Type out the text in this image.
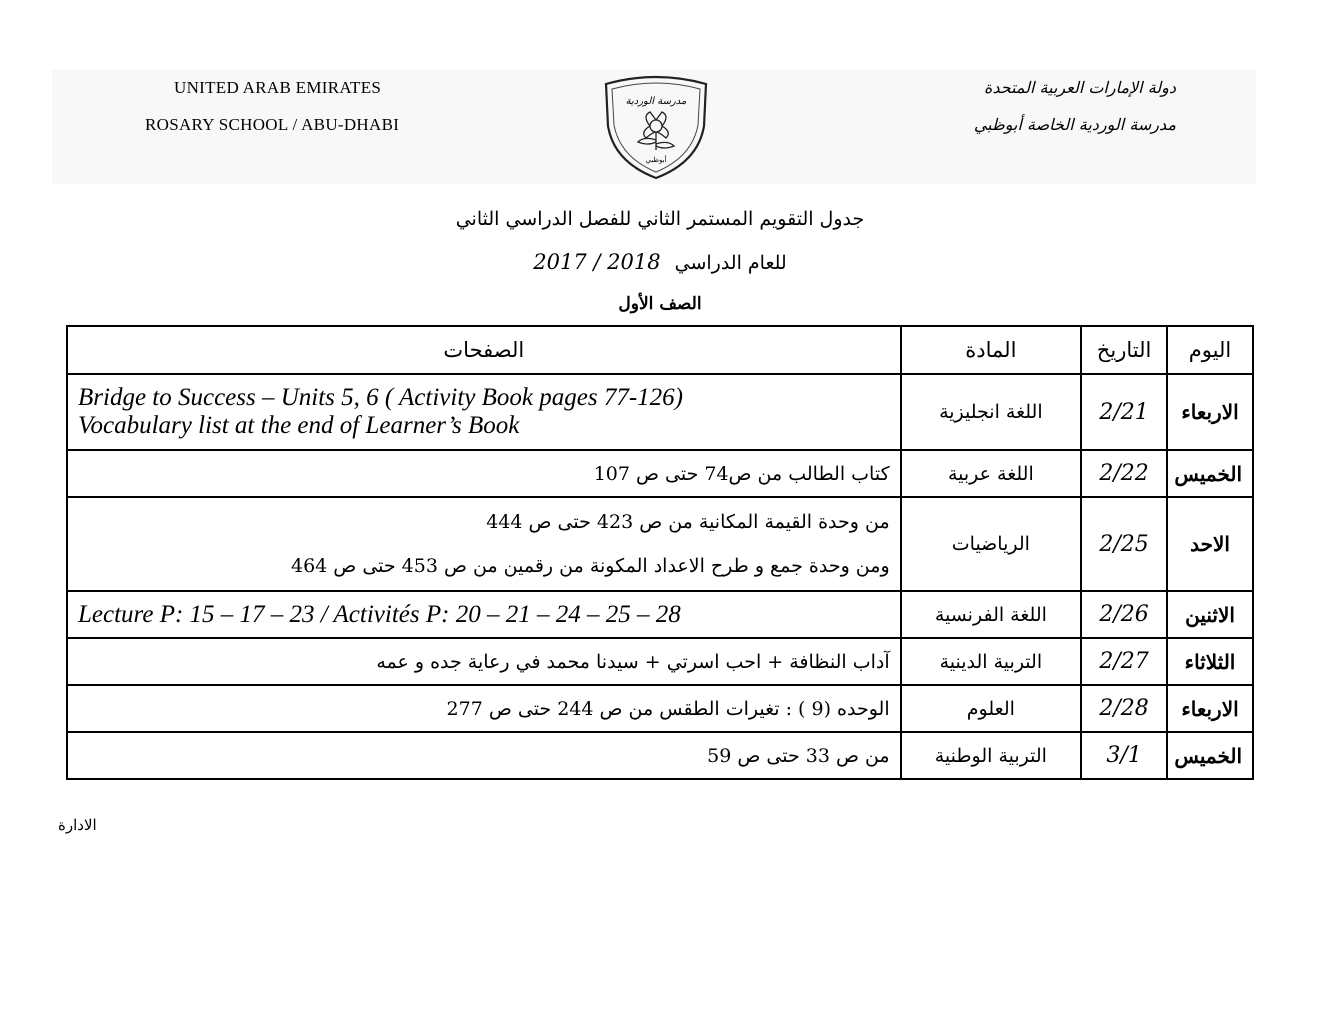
UNITED ARAB EMIRATES
ROSARY SCHOOL / ABU-DHABI
دولة الإمارات العربية المتحدة
مدرسة الوردية الخاصة أبوظبي
مدرسة الوردية
أبوظبي
جدول التقويم المستمر الثاني للفصل الدراسي الثاني
للعام الدراسي 2017 / 2018
الصف الأول
الصفحات	المادة	التاريخ	اليوم

Bridge to Success – Units 5, 6 ( Activity Book pages 77-126)
Vocabulary list at the end of Learner’s Book	اللغة انجليزية	2/21	الاربعاء

كتاب الطالب من ص74 حتى ص 107	اللغة عربية	2/22	الخميس

من وحدة القيمة المكانية من ص 423 حتى ص 444
ومن وحدة جمع و طرح الاعداد المكونة من رقمين من ص 453 حتى ص 464	الرياضيات	2/25	الاحد

Lecture P: 15 – 17 – 23 / Activités P: 20 – 21 – 24 – 25 – 28	اللغة الفرنسية	2/26	الاثنين

آداب النظافة + احب اسرتي + سيدنا محمد في رعاية جده و عمه	التربية الدينية	2/27	الثلاثاء

الوحده (9 ) : تغيرات الطقس من ص 244 حتى ص 277	العلوم	2/28	الاربعاء

من ص 33 حتى ص 59	التربية الوطنية	3/1	الخميس
الادارة
